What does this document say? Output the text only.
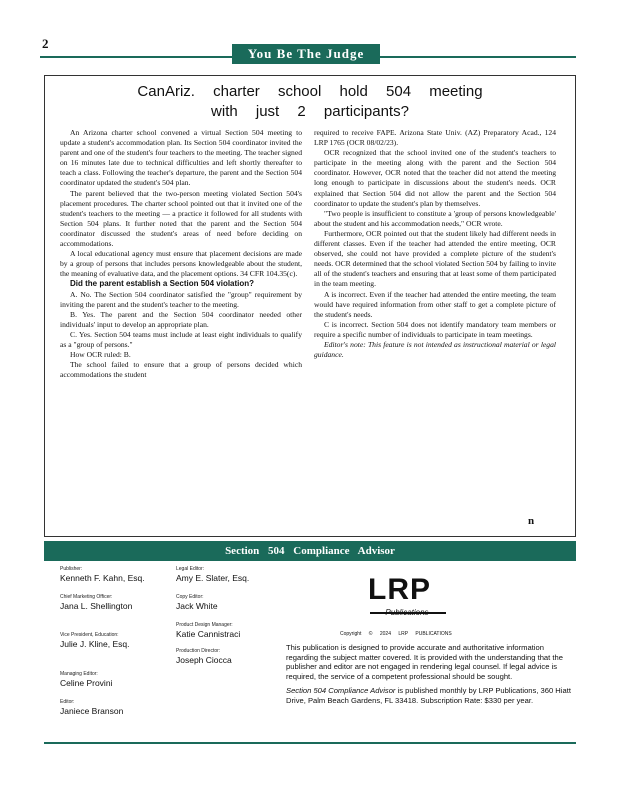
2
You Be The Judge
CanAriz. charter school hold 504 meeting
with just 2 participants?

An Arizona charter school convened a virtual Section 504 meeting to update a student's accommodation plan. Its Section 504 coordinator invited the parent and one of the student's four teachers to the meeting. The teacher signed on 16 minutes late due to technical difficulties and left shortly thereafter to teach a class. Following the teacher's departure, the parent and the Section 504 coordinator updated the student's 504 plan.

The parent believed that the two-person meeting violated Section 504's placement procedures. The charter school pointed out that it invited one of the student's teachers to the meeting — a practice it followed for all students with Section 504 plans. It further noted that the parent and the Section 504 coordinator discussed the student's areas of need before deciding on accommodations.

A local educational agency must ensure that placement decisions are made by a group of persons that includes persons knowledgeable about the student, the meaning of evaluative data, and the placement options. 34 CFR 104.35(c).

Did the parent establish a Section 504 violation?

A. No. The Section 504 coordinator satisfied the "group" requirement by inviting the parent and the student's teacher to the meeting.

B. Yes. The parent and the Section 504 coordinator needed other individuals' input to develop an appropriate plan.

C. Yes. Section 504 teams must include at least eight individuals to qualify as a "group of persons."

How OCR ruled: B.

The school failed to ensure that a group of persons decided which accommodations the student

required to receive FAPE. Arizona State Univ. (AZ) Preparatory Acad., 124 LRP 1765 (OCR 08/02/23).

OCR recognized that the school invited one of the student's teachers to participate in the meeting along with the parent and the Section 504 coordinator. However, OCR noted that the teacher did not attend the meeting long enough to participate in discussions about the student's needs. OCR explained that Section 504 did not allow the parent and the Section 504 coordinator to update the student's plan by themselves.

"Two people is insufficient to constitute a 'group of persons knowledgeable' about the student and his accommodation needs," OCR wrote.

Furthermore, OCR pointed out that the student likely had different needs in different classes. Even if the teacher had attended the entire meeting, OCR observed, she could not have provided a complete picture of the student's needs. OCR determined that the school violated Section 504 by failing to invite all of the student's teachers and ensuring that at least some of them participated in the team meeting.

A is incorrect. Even if the teacher had attended the entire meeting, the team would have required information from other staff to get a complete picture of the student's needs.

C is incorrect. Section 504 does not identify mandatory team members or require a specific number of individuals to participate in team meetings.

Editor's note: This feature is not intended as instructional material or legal guidance.

n
Section 504 Compliance Advisor
Publisher:
Kenneth F. Kahn, Esq.
Chief Marketing Officer:
Jana L. Shellington
Vice President, Education:
Julie J. Kline, Esq.
Managing Editor:
Celine Provini
Editor:
Janiece Branson
Legal Editor:
Amy E. Slater, Esq.
Copy Editor:
Jack White
Product Design Manager:
Katie Cannistraci
Production Director:
Joseph Ciocca
LRP
Copyright © 2024 LRP PUBLICATIONS
This publication is designed to provide accurate and authoritative information regarding the subject matter covered. It is provided with the understanding that the publisher and editor are not engaged in rendering legal counsel. If legal advice is required, the service of a competent professional should be sought.
Section 504 Compliance Advisor is published monthly by LRP Publications, 360 Hiatt Drive, Palm Beach Gardens, FL 33418. Subscription Rate: $330 per year.
